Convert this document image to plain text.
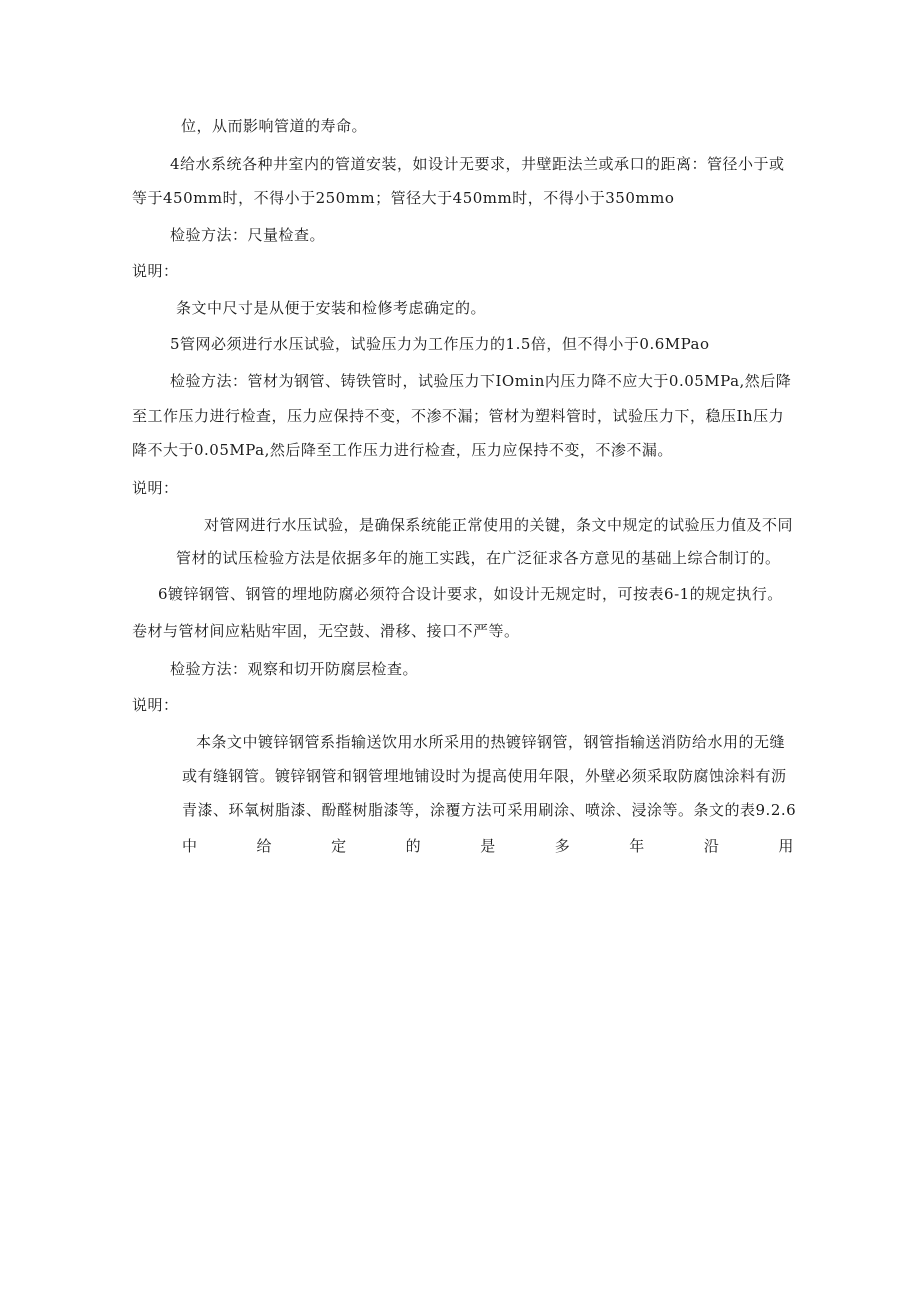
位，从而影响管道的寿命。
4给水系统各种井室内的管道安装，如设计无要求，井壁距法兰或承口的距离：管径小于或
等于450mm时，不得小于250mm；管径大于450mm时，不得小于350mmo
检验方法：尺量检查。
说明：
条文中尺寸是从便于安装和检修考虑确定的。
5管网必须进行水压试验，试验压力为工作压力的1.5倍，但不得小于0.6MPao
检验方法：管材为钢管、铸铁管时，试验压力下IOmin内压力降不应大于0.05MPa,然后降
至工作压力进行检查，压力应保持不变，不渗不漏；管材为塑料管时，试验压力下，稳压Ih压力
降不大于0.05MPa,然后降至工作压力进行检查，压力应保持不变，不渗不漏。
说明：
对管网进行水压试验，是确保系统能正常使用的关键，条文中规定的试验压力值及不同
管材的试压检验方法是依据多年的施工实践，在广泛征求各方意见的基础上综合制订的。
6镀锌钢管、钢管的埋地防腐必须符合设计要求，如设计无规定时，可按表6-1的规定执行。
卷材与管材间应粘贴牢固，无空鼓、滑移、接口不严等。
检验方法：观察和切开防腐层检查。
说明：
本条文中镀锌钢管系指输送饮用水所采用的热镀锌钢管，钢管指输送消防给水用的无缝
或有缝钢管。镀锌钢管和钢管埋地铺设时为提高使用年限，外壁必须采取防腐蚀涂料有沥
青漆、环氧树脂漆、酚醛树脂漆等，涂覆方法可采用刷涂、喷涂、浸涂等。条文的表9.2.6
中	给	定	的	是	多	年	沿	用
